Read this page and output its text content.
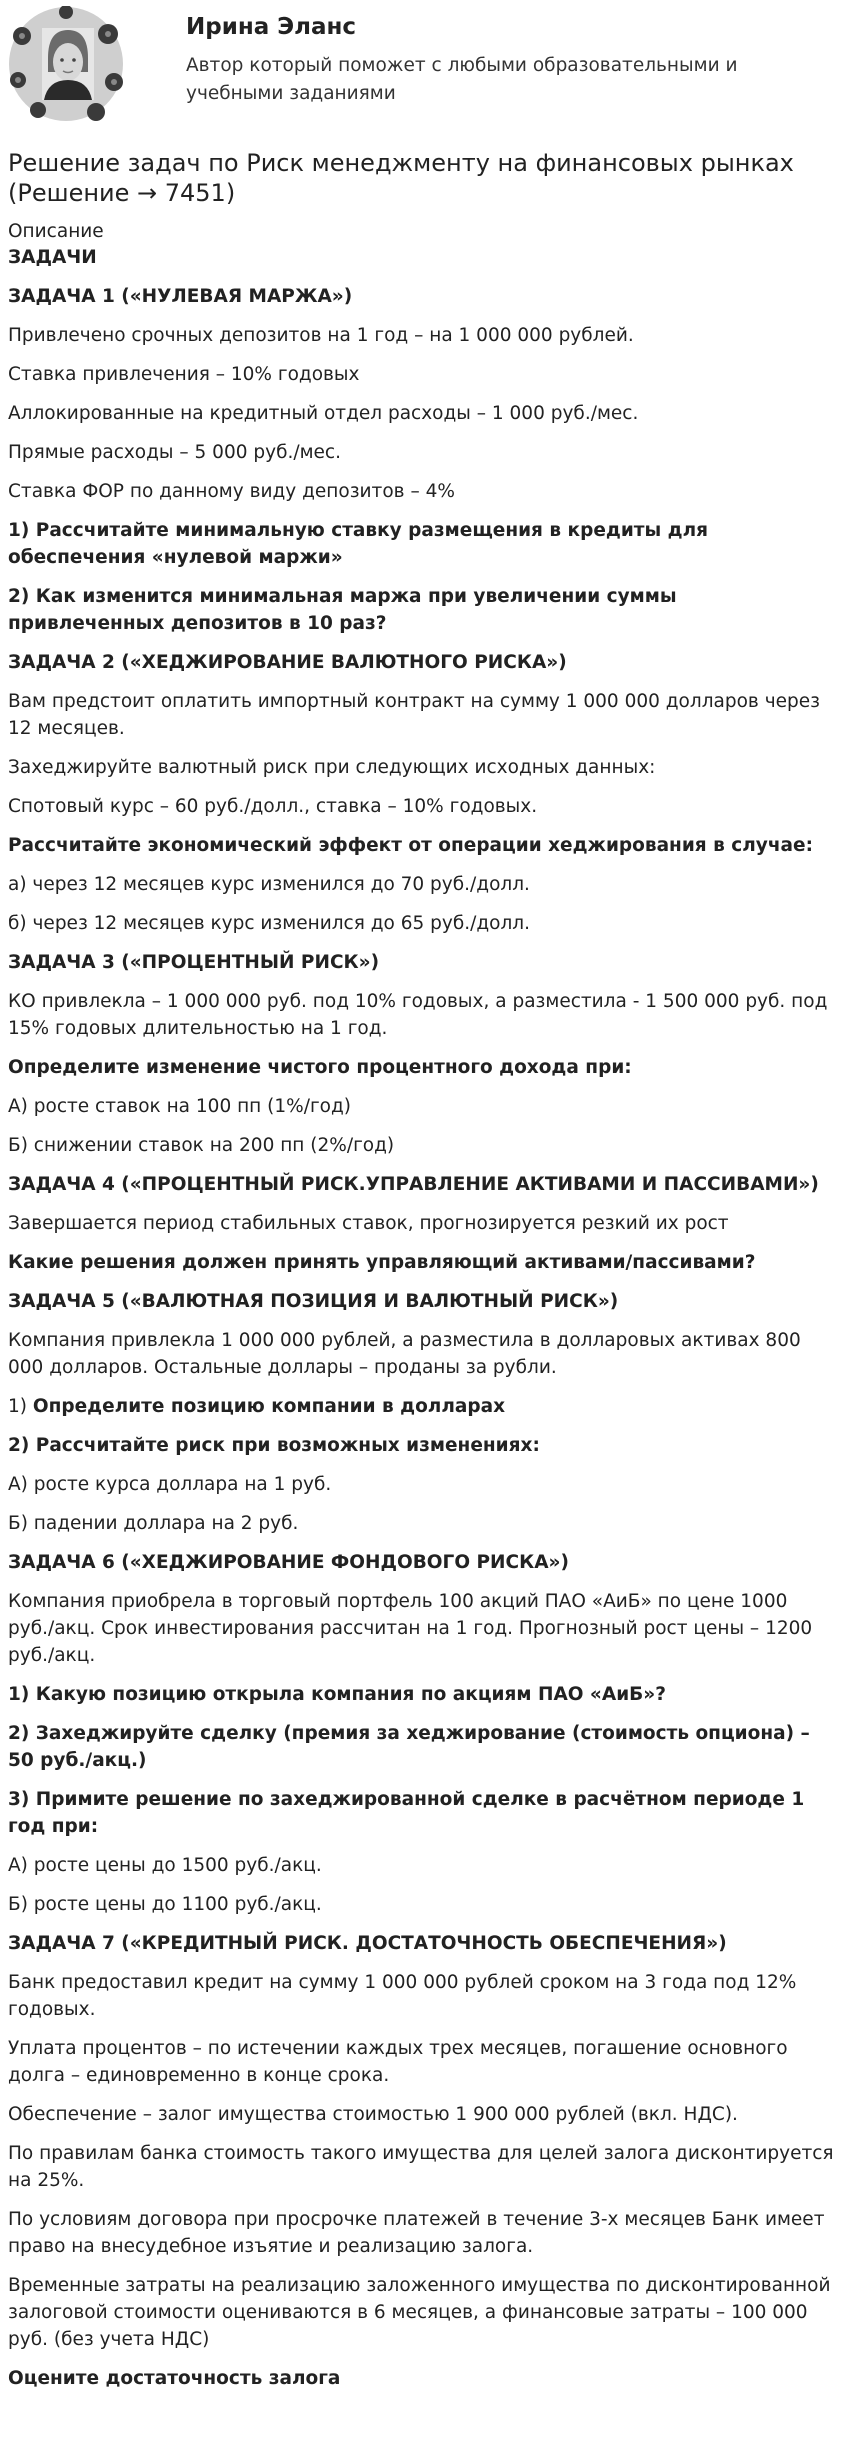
Ирина Эланс
Автор который поможет с любыми образовательными и учебными заданиями
Решение задач по Риск менеджменту на финансовых рынках (Решение → 7451)
Описание

ЗАДАЧИ

ЗАДАЧА 1 («НУЛЕВАЯ МАРЖА»)

Привлечено срочных депозитов на 1 год – на 1 000 000 рублей.

Ставка привлечения – 10% годовых

Аллокированные на кредитный отдел расходы – 1 000 руб./мес.

Прямые расходы – 5 000 руб./мес.

Ставка ФОР по данному виду депозитов – 4%

1) Рассчитайте минимальную ставку размещения в кредиты для обеспечения «нулевой маржи»

2) Как изменится минимальная маржа при увеличении суммы привлеченных депозитов в 10 раз?

ЗАДАЧА 2 («ХЕДЖИРОВАНИЕ ВАЛЮТНОГО РИСКА»)

Вам предстоит оплатить импортный контракт на сумму 1 000 000 долларов через 12 месяцев.

Захеджируйте валютный риск при следующих исходных данных:

Спотовый курс – 60 руб./долл., ставка – 10% годовых.

Рассчитайте экономический эффект от операции хеджирования в случае:

а) через 12 месяцев курс изменился до 70 руб./долл.

б) через 12 месяцев курс изменился до 65 руб./долл.

ЗАДАЧА 3 («ПРОЦЕНТНЫЙ РИСК»)

КО привлекла – 1 000 000 руб. под 10% годовых, а разместила - 1 500 000 руб. под 15% годовых длительностью на 1 год.

Определите изменение чистого процентного дохода при:

А) росте ставок на 100 пп (1%/год)

Б) снижении ставок на 200 пп (2%/год)

ЗАДАЧА 4 («ПРОЦЕНТНЫЙ РИСК.УПРАВЛЕНИЕ АКТИВАМИ И ПАССИВАМИ»)

Завершается период стабильных ставок, прогнозируется резкий их рост

Какие решения должен принять управляющий активами/пассивами?

ЗАДАЧА 5 («ВАЛЮТНАЯ ПОЗИЦИЯ И ВАЛЮТНЫЙ РИСК»)

Компания привлекла 1 000 000 рублей, а разместила в долларовых активах 800 000 долларов. Остальные доллары – проданы за рубли.

1) Определите позицию компании в долларах

2) Рассчитайте риск при возможных изменениях:

А) росте курса доллара на 1 руб.

Б) падении доллара на 2 руб.

ЗАДАЧА 6 («ХЕДЖИРОВАНИЕ ФОНДОВОГО РИСКА»)

Компания приобрела в торговый портфель 100 акций ПАО «АиБ» по цене 1000 руб./акц. Срок инвестирования рассчитан на 1 год. Прогнозный рост цены – 1200 руб./акц.

1) Какую позицию открыла компания по акциям ПАО «АиБ»?

2) Захеджируйте сделку (премия за хеджирование (стоимость опциона) – 50 руб./акц.)

3) Примите решение по захеджированной сделке в расчётном периоде 1 год при:

А) росте цены до 1500 руб./акц.

Б) росте цены до 1100 руб./акц.

ЗАДАЧА 7 («КРЕДИТНЫЙ РИСК. ДОСТАТОЧНОСТЬ ОБЕСПЕЧЕНИЯ»)

Банк предоставил кредит на сумму 1 000 000 рублей сроком на 3 года под 12% годовых.

Уплата процентов – по истечении каждых трех месяцев, погашение основного долга – единовременно в конце срока.

Обеспечение – залог имущества стоимостью 1 900 000 рублей (вкл. НДС).

По правилам банка стоимость такого имущества для целей залога дисконтируется на 25%.

По условиям договора при просрочке платежей в течение 3-х месяцев Банк имеет право на внесудебное изъятие и реализацию залога.

Временные затраты на реализацию заложенного имущества по дисконтированной залоговой стоимости оцениваются в 6 месяцев, а финансовые затраты – 100 000 руб. (без учета НДС)

Оцените достаточность залога
